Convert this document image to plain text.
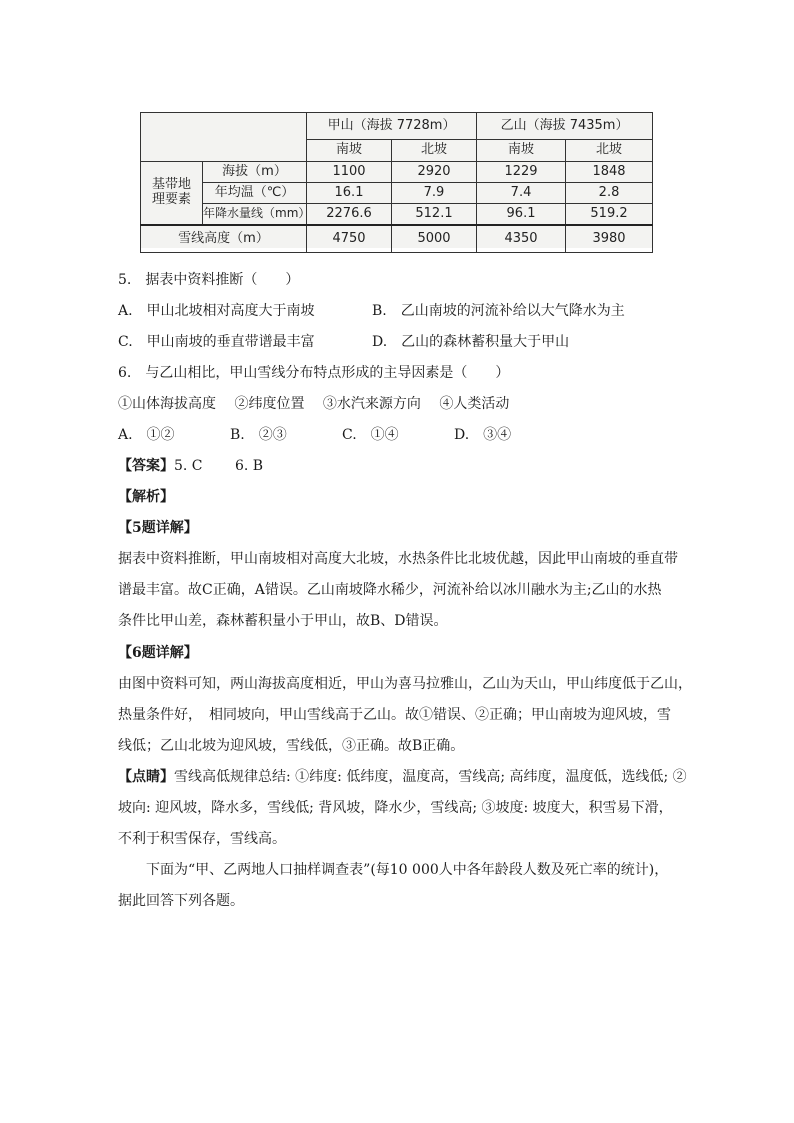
		甲山（海拔 7728m）		乙山（海拔 7435m）	
		南坡	北坡	南坡	北坡
基带地
理要素	海拔（m）	1100	2920	1229	1848
	年均温（℃）	16.1	7.9	7.4	2.8
	年降水量线（mm）	2276.6	512.1	96.1	519.2
雪线高度（m）		4750	5000	4350	3980
5.　据表中资料推断（　　）
A.　甲山北坡相对高度大于南坡	B.　乙山南坡的河流补给以大气降水为主
C.　甲山南坡的垂直带谱最丰富	D.　乙山的森林蓄积量大于甲山
6.　与乙山相比，甲山雪线分布特点形成的主导因素是（　　）
①山体海拔高度　 ②纬度位置　 ③水汽来源方向　 ④人类活动
A.　①②	B.　②③	C.　①④	D.　③④
【答案】5. C　　 6. B
【解析】
【5题详解】
据表中资料推断，甲山南坡相对高度大北坡，水热条件比北坡优越，因此甲山南坡的垂直带
谱最丰富。故C正确，A错误。乙山南坡降水稀少，河流补给以冰川融水为主;乙山的水热
条件比甲山差，森林蓄积量小于甲山，故B、D错误。
【6题详解】
由图中资料可知，两山海拔高度相近，甲山为喜马拉雅山，乙山为天山，甲山纬度低于乙山，
热量条件好，　相同坡向，甲山雪线高于乙山。故①错误、②正确；甲山南坡为迎风坡，雪
线低；乙山北坡为迎风坡，雪线低，③正确。故B正确。
【点睛】雪线高低规律总结: ①纬度: 低纬度，温度高，雪线高; 高纬度，温度低，选线低; ②
坡向: 迎风坡，降水多，雪线低; 背风坡，降水少，雪线高; ③坡度: 坡度大，积雪易下滑，
不利于积雪保存，雪线高。
下面为“甲、乙两地人口抽样调查表”(每10 000人中各年龄段人数及死亡率的统计)，
据此回答下列各题。
